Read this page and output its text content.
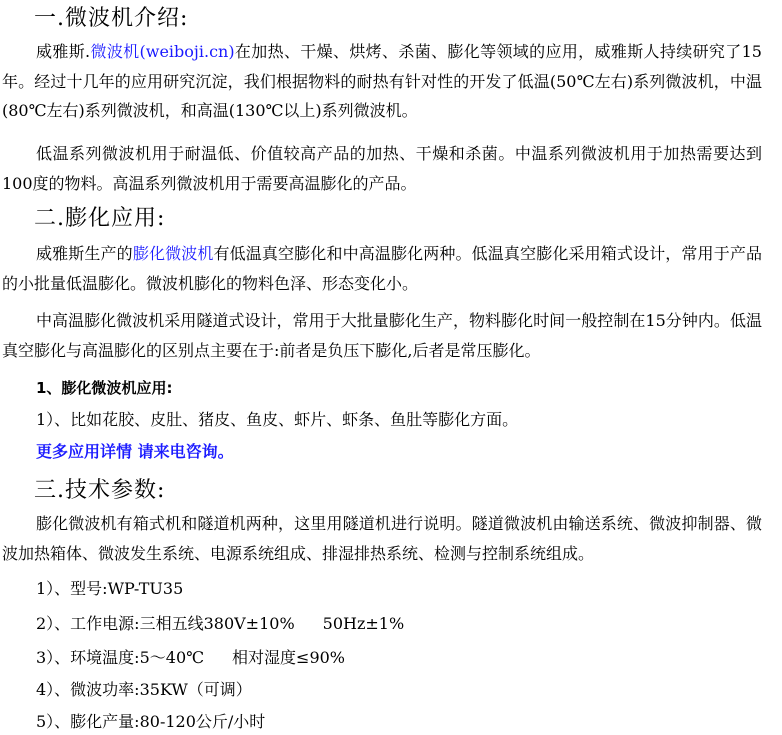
一.微波机介绍:

威雅斯.微波机(weiboji.cn)在加热、干燥、烘烤、杀菌、膨化等领域的应用，威雅斯人持续研究了15年。经过十几年的应用研究沉淀，我们根据物料的耐热有针对性的开发了低温(50℃左右)系列微波机，中温(80℃左右)系列微波机，和高温(130℃以上)系列微波机。

低温系列微波机用于耐温低、价值较高产品的加热、干燥和杀菌。中温系列微波机用于加热需要达到100度的物料。高温系列微波机用于需要高温膨化的产品。

二.膨化应用:

威雅斯生产的膨化微波机有低温真空膨化和中高温膨化两种。低温真空膨化采用箱式设计，常用于产品的小批量低温膨化。微波机膨化的物料色泽、形态变化小。

中高温膨化微波机采用隧道式设计，常用于大批量膨化生产，物料膨化时间一般控制在15分钟内。低温真空膨化与高温膨化的区别点主要在于:前者是负压下膨化,后者是常压膨化。

1、膨化微波机应用:
1）、比如花胶、皮肚、猪皮、鱼皮、虾片、虾条、鱼肚等膨化方面。
更多应用详情 请来电咨询。
三.技术参数:

膨化微波机有箱式机和隧道机两种，这里用隧道机进行说明。隧道微波机由输送系统、微波抑制器、微波加热箱体、微波发生系统、电源系统组成、排湿排热系统、检测与控制系统组成。

1）、型号:WP-TU35
2）、工作电源:三相五线380V±10% 50Hz±1%
3）、环境温度:5～40℃ 相对湿度≤90%
4）、微波功率:35KW（可调）
5）、膨化产量:80-120公斤/小时
